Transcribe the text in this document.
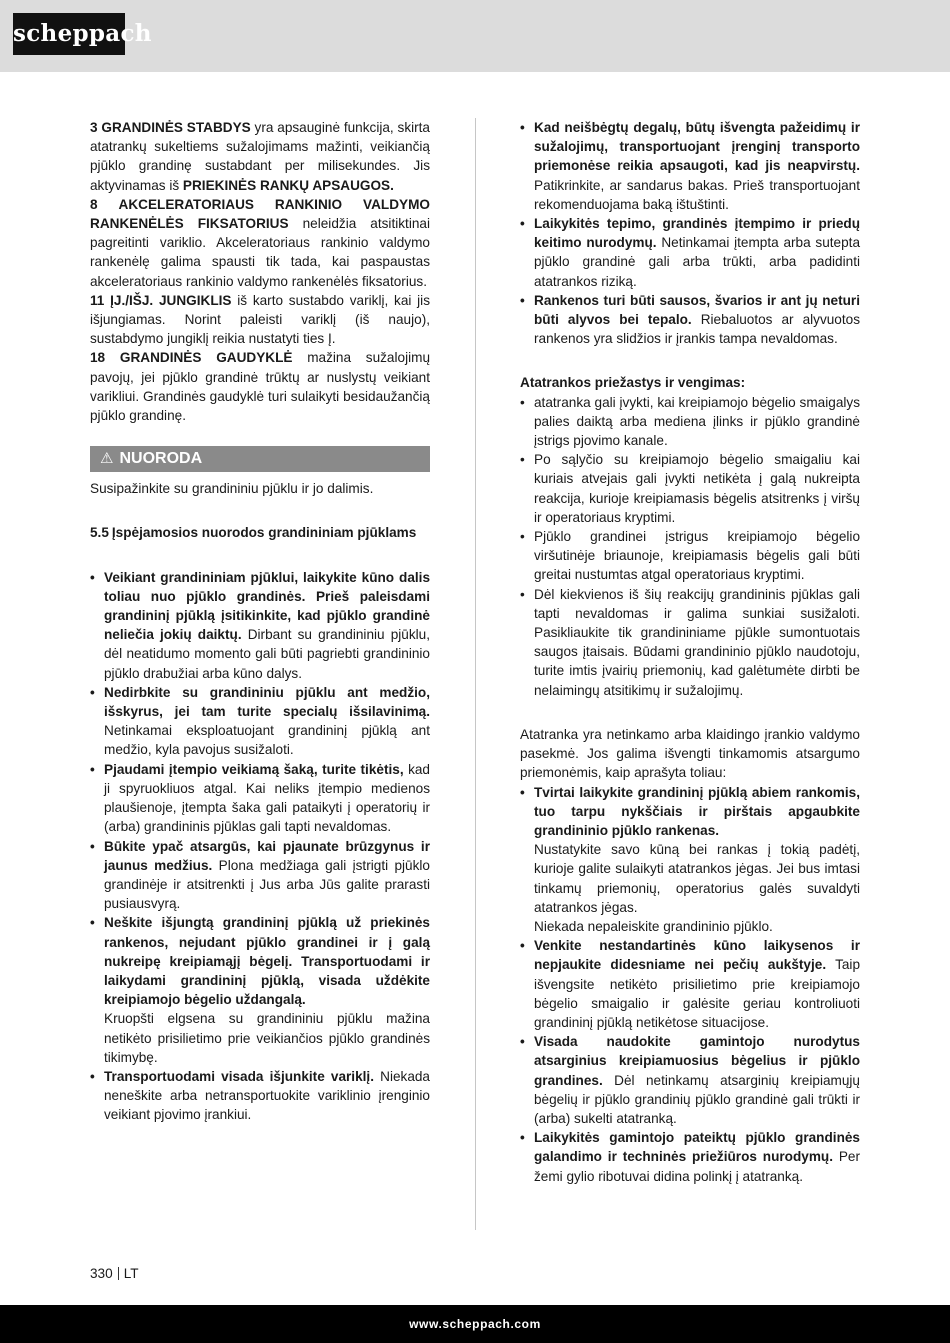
scheppach

3 GRANDINĖS STABDYS yra apsauginė funkcija, skirta atatrankų sukeltiems sužalojimams mažinti, veikiančią pjūklo grandinę sustabdant per milisekundes. Jis aktyvinamas iš PRIEKINĖS RANKŲ APSAUGOS.

8 AKCELERATORIAUS RANKINIO VALDYMO RANKENĖLĖS FIKSATORIUS neleidžia atsitiktinai pagreitinti variklio. Akceleratoriaus rankinio valdymo rankenėlę galima spausti tik tada, kai paspaustas akceleratoriaus rankinio valdymo rankenėlės fiksatorius.

11 ĮJ./IŠJ. JUNGIKLIS iš karto sustabdo variklį, kai jis išjungiamas. Norint paleisti variklį (iš naujo), sustabdymo jungiklį reikia nustatyti ties Į.

18 GRANDINĖS GAUDYKLĖ mažina sužalojimų pavojų, jei pjūklo grandinė trūktų ar nuslystų veikiant varikliui. Grandinės gaudyklė turi sulaikyti besidaužančią pjūklo grandinę.

⚠ NUORODA

Susipažinkite su grandininiu pjūklu ir jo dalimis.

5.5 Įspėjamosios nuorodos grandininiam pjūklams
• Veikiant grandininiam pjūklui, laikykite kūno dalis toliau nuo pjūklo grandinės. Prieš paleisdami grandininį pjūklą įsitikinkite, kad pjūklo grandinė neliečia jokių daiktų. Dirbant su grandininiu pjūklu, dėl neatidumo momento gali būti pagriebti grandininio pjūklo drabužiai arba kūno dalys.
• Nedirbkite su grandininiu pjūklu ant medžio, išskyrus, jei tam turite specialų išsilavinimą. Netinkamai eksploatuojant grandininį pjūklą ant medžio, kyla pavojus susižaloti.
• Pjaudami įtempio veikiamą šaką, turite tikėtis, kad ji spyruokliuos atgal. Kai neliks įtempio medienos plaušienoje, įtempta šaka gali pataikyti į operatorių ir (arba) grandininis pjūklas gali tapti nevaldomas.
• Būkite ypač atsargūs, kai pjaunate brūzgynus ir jaunus medžius. Plona medžiaga gali įstrigti pjūklo grandinėje ir atsitrenkti į Jus arba Jūs galite prarasti pusiausvyrą.
• Neškite išjungtą grandininį pjūklą už priekinės rankenos, nejudant pjūklo grandinei ir į galą nukreipę kreipiamąjį bėgelį. Transportuodami ir laikydami grandininį pjūklą, visada uždėkite kreipiamojo bėgelio uždangalą.

Kruopšti elgsena su grandininiu pjūklu mažina netikėto prisilietimo prie veikiančios pjūklo grandinės tikimybę.

• Transportuodami visada išjunkite variklį. Niekada neneškite arba netransportuokite variklinio įrenginio veikiant pjovimo įrankiui.
• Kad neišbėgtų degalų, būtų išvengta pažeidimų ir sužalojimų, transportuojant įrenginį transporto priemonėse reikia apsaugoti, kad jis neapvirstų. Patikrinkite, ar sandarus bakas. Prieš transportuojant rekomenduojama baką ištuštinti.
• Laikykitės tepimo, grandinės įtempimo ir priedų keitimo nurodymų. Netinkamai įtempta arba sutepta pjūklo grandinė gali arba trūkti, arba padidinti atatrankos riziką.
• Rankenos turi būti sausos, švarios ir ant jų neturi būti alyvos bei tepalo. Riebaluotos ar alyvuotos rankenos yra slidžios ir įrankis tampa nevaldomas.

Atatrankos priežastys ir vengimas:

• atatranka gali įvykti, kai kreipiamojo bėgelio smaigalys palies daiktą arba mediena įlinks ir pjūklo grandinė įstrigs pjovimo kanale.
• Po sąlyčio su kreipiamojo bėgelio smaigaliu kai kuriais atvejais gali įvykti netikėta į galą nukreipta reakcija, kurioje kreipiamasis bėgelis atsitrenks į viršų ir operatoriaus kryptimi.
• Pjūklo grandinei įstrigus kreipiamojo bėgelio viršutinėje briaunoje, kreipiamasis bėgelis gali būti greitai nustumtas atgal operatoriaus kryptimi.
• Dėl kiekvienos iš šių reakcijų grandininis pjūklas gali tapti nevaldomas ir galima sunkiai susižaloti. Pasikliaukite tik grandininiame pjūkle sumontuotais saugos įtaisais. Būdami grandininio pjūklo naudotoju, turite imtis įvairių priemonių, kad galėtumėte dirbti be nelaimingų atsitikimų ir sužalojimų.

Atatranka yra netinkamo arba klaidingo įrankio valdymo pasekmė. Jos galima išvengti tinkamomis atsargumo priemonėmis, kaip aprašyta toliau:

• Tvirtai laikykite grandininį pjūklą abiem rankomis, tuo tarpu nykščiais ir pirštais apgaubkite grandininio pjūklo rankenas.

Nustatykite savo kūną bei rankas į tokią padėtį, kurioje galite sulaikyti atatrankos jėgas. Jei bus imtasi tinkamų priemonių, operatorius galės suvaldyti atatrankos jėgas.

Niekada nepaleiskite grandininio pjūklo.

• Venkite nestandartinės kūno laikysenos ir nepjaukite didesniame nei pečių aukštyje. Taip išvengsite netikėto prisilietimo prie kreipiamojo bėgelio smaigalio ir galėsite geriau kontroliuoti grandininį pjūklą netikėtose situacijose.
• Visada naudokite gamintojo nurodytus atsarginius kreipiamuosius bėgelius ir pjūklo grandines. Dėl netinkamų atsarginių kreipiamųjų bėgelių ir pjūklo grandinių pjūklo grandinė gali trūkti ir (arba) sukelti atatranką.
• Laikykitės gamintojo pateiktų pjūklo grandinės galandimo ir techninės priežiūros nurodymų. Per žemi gylio ribotuvai didina polinkį į atatranką.
330 LT
www.scheppach.com
